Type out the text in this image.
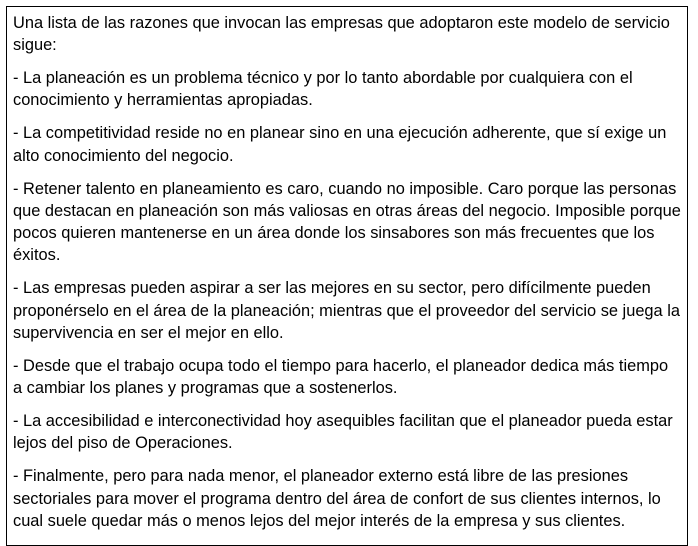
Una lista de las razones que invocan las empresas que adoptaron este modelo de servicio sigue:

- La planeación es un problema técnico y por lo tanto abordable por cualquiera con el conocimiento y herramientas apropiadas.

- La competitividad reside no en planear sino en una ejecución adherente, que sí exige un alto conocimiento del negocio.

- Retener talento en planeamiento es caro, cuando no imposible. Caro porque las personas que destacan en planeación son más valiosas en otras áreas del negocio. Imposible porque pocos quieren mantenerse en un área donde los sinsabores son más frecuentes que los éxitos.

- Las empresas pueden aspirar a ser las mejores en su sector, pero difícilmente pueden proponérselo en el área de la planeación; mientras que el proveedor del servicio se juega la supervivencia en ser el mejor en ello.

- Desde que el trabajo ocupa todo el tiempo para hacerlo, el planeador dedica más tiempo a cambiar los planes y programas que a sostenerlos.

- La accesibilidad e interconectividad hoy asequibles facilitan que el planeador pueda estar lejos del piso de Operaciones.

- Finalmente, pero para nada menor, el planeador externo está libre de las presiones sectoriales para mover el programa dentro del área de confort de sus clientes internos, lo cual suele quedar más o menos lejos del mejor interés de la empresa y sus clientes.
